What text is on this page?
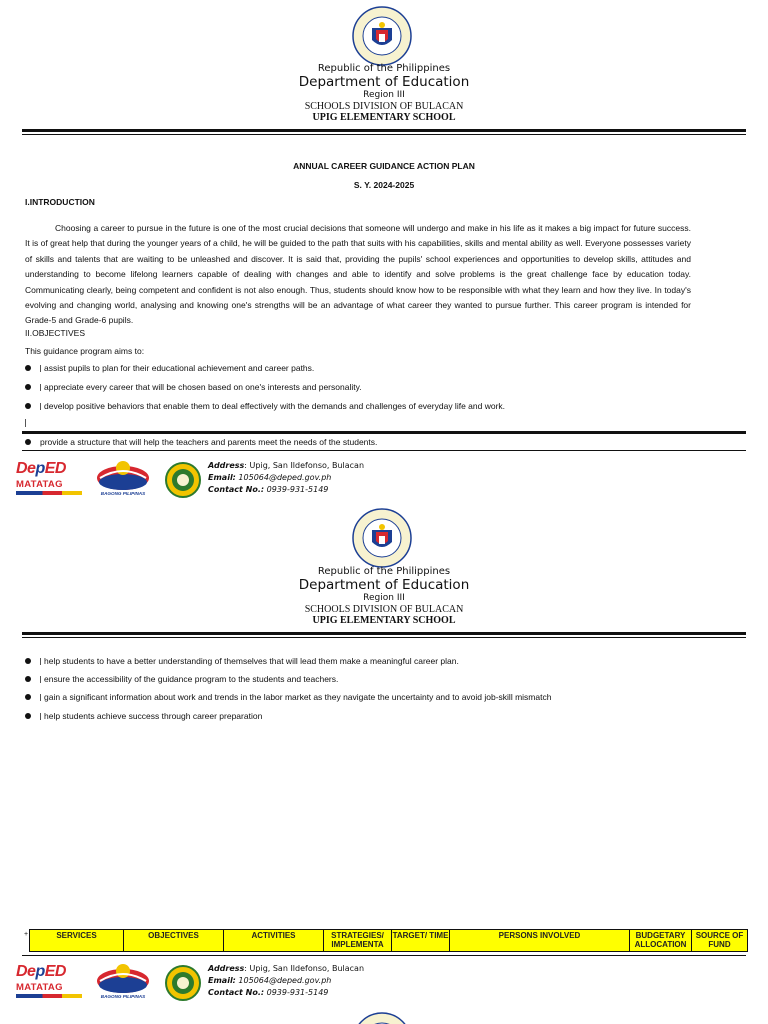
Republic of the Philippines
Department of Education
Region III
SCHOOLS DIVISION OF BULACAN
UPIG ELEMENTARY SCHOOL
ANNUAL CAREER GUIDANCE ACTION PLAN
S. Y. 2024-2025
I.INTRODUCTION
Choosing a career to pursue in the future is one of the most crucial decisions that someone will undergo and make in his life as it makes a big impact for future success. It is of great help that during the younger years of a child, he will be guided to the path that suits with his capabilities, skills and mental ability as well. Everyone possesses variety of skills and talents that are waiting to be unleashed and discover. It is said that, providing the pupils' school experiences and opportunities to develop skills, attitudes and understanding to become lifelong learners capable of dealing with changes and able to identify and solve problems is the great challenge face by education today. Communicating clearly, being competent and confident is not also enough. Thus, students should know how to be responsible with what they learn and how they live. In today's evolving and changing world, analysing and knowing one's strengths will be an advantage of what career they wanted to pursue further. This career program is intended for Grade-5 and Grade-6 pupils.
II.OBJECTIVES
This guidance program aims to:
assist pupils to plan for their educational achievement and career paths.
appreciate every career that will be chosen based on one's interests and personality.
develop positive behaviors that enable them to deal effectively with the demands and challenges of everyday life and work.
provide a structure that will help the teachers and parents meet the needs of the students.
DepED
MATATAG
BAGONG PILIPINAS
Address: Upig, San Ildefonso, Bulacan
Email: 105064@deped.gov.ph
Contact No.: 0939-931-5149
Republic of the Philippines
Department of Education
Region III
SCHOOLS DIVISION OF BULACAN
UPIG ELEMENTARY SCHOOL
help students to have a better understanding of themselves that will lead them make a meaningful career plan.
ensure the accessibility of the guidance program to the students and teachers.
gain a significant information about work and trends in the labor market as they navigate the uncertainty and to avoid job-skill mismatch
help students achieve success through career preparation
+	SERVICES	OBJECTIVES	ACTIVITIES	STRATEGIES/ IMPLEMENTA	TARGET/ TIME	PERSONS INVOLVED	BUDGETARY ALLOCATION	SOURCE OF FUND
DepED
MATATAG
BAGONG PILIPINAS
Address: Upig, San Ildefonso, Bulacan
Email: 105064@deped.gov.ph
Contact No.: 0939-931-5149
